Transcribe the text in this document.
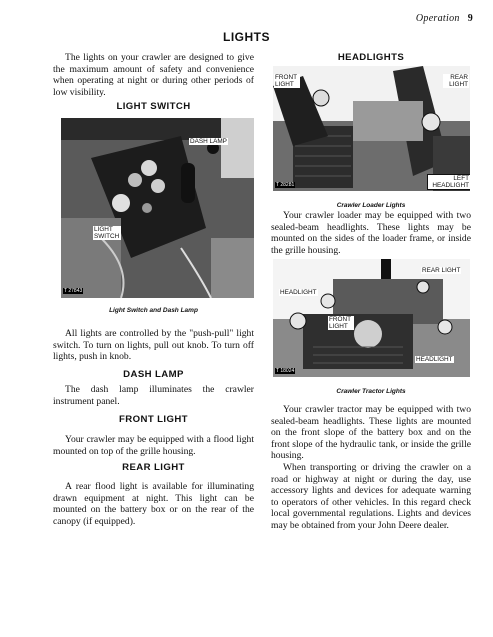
Operation 9
LIGHTS

The lights on your crawler are designed to give the maximum amount of safety and convenience when operating at night or during other periods of low visibility.

LIGHT SWITCH
DASH LAMP
LIGHT SWITCH
T 27843
Light Switch and Dash Lamp

All lights are controlled by the "push-pull" light switch. To turn on lights, pull out knob. To turn off lights, push in knob.

DASH LAMP

The dash lamp illuminates the crawler instrument panel.

FRONT LIGHT

Your crawler may be equipped with a flood light mounted on top of the grille housing.

REAR LIGHT

A rear flood light is available for illuminating drawn equipment at night. This light can be mounted on the battery box or on the rear of the canopy (if equipped).

HEADLIGHTS
FRONT LIGHT
REAR LIGHT
LEFT HEADLIGHT
T 28281
Crawler Loader Lights

Your crawler loader may be equipped with two sealed-beam headlights. These lights may be mounted on the sides of the loader frame, or inside the grille housing.

REAR LIGHT
HEADLIGHT
FRONT LIGHT
HEADLIGHT
T 18024
Crawler Tractor Lights

Your crawler tractor may be equipped with two sealed-beam headlights. These lights are mounted on the front slope of the battery box and on the front slope of the hydraulic tank, or inside the grille housing.

When transporting or driving the crawler on a road or highway at night or during the day, use accessory lights and devices for adequate warning to operators of other vehicles. In this regard check local governmental regulations. Lights and devices may be obtained from your John Deere dealer.
